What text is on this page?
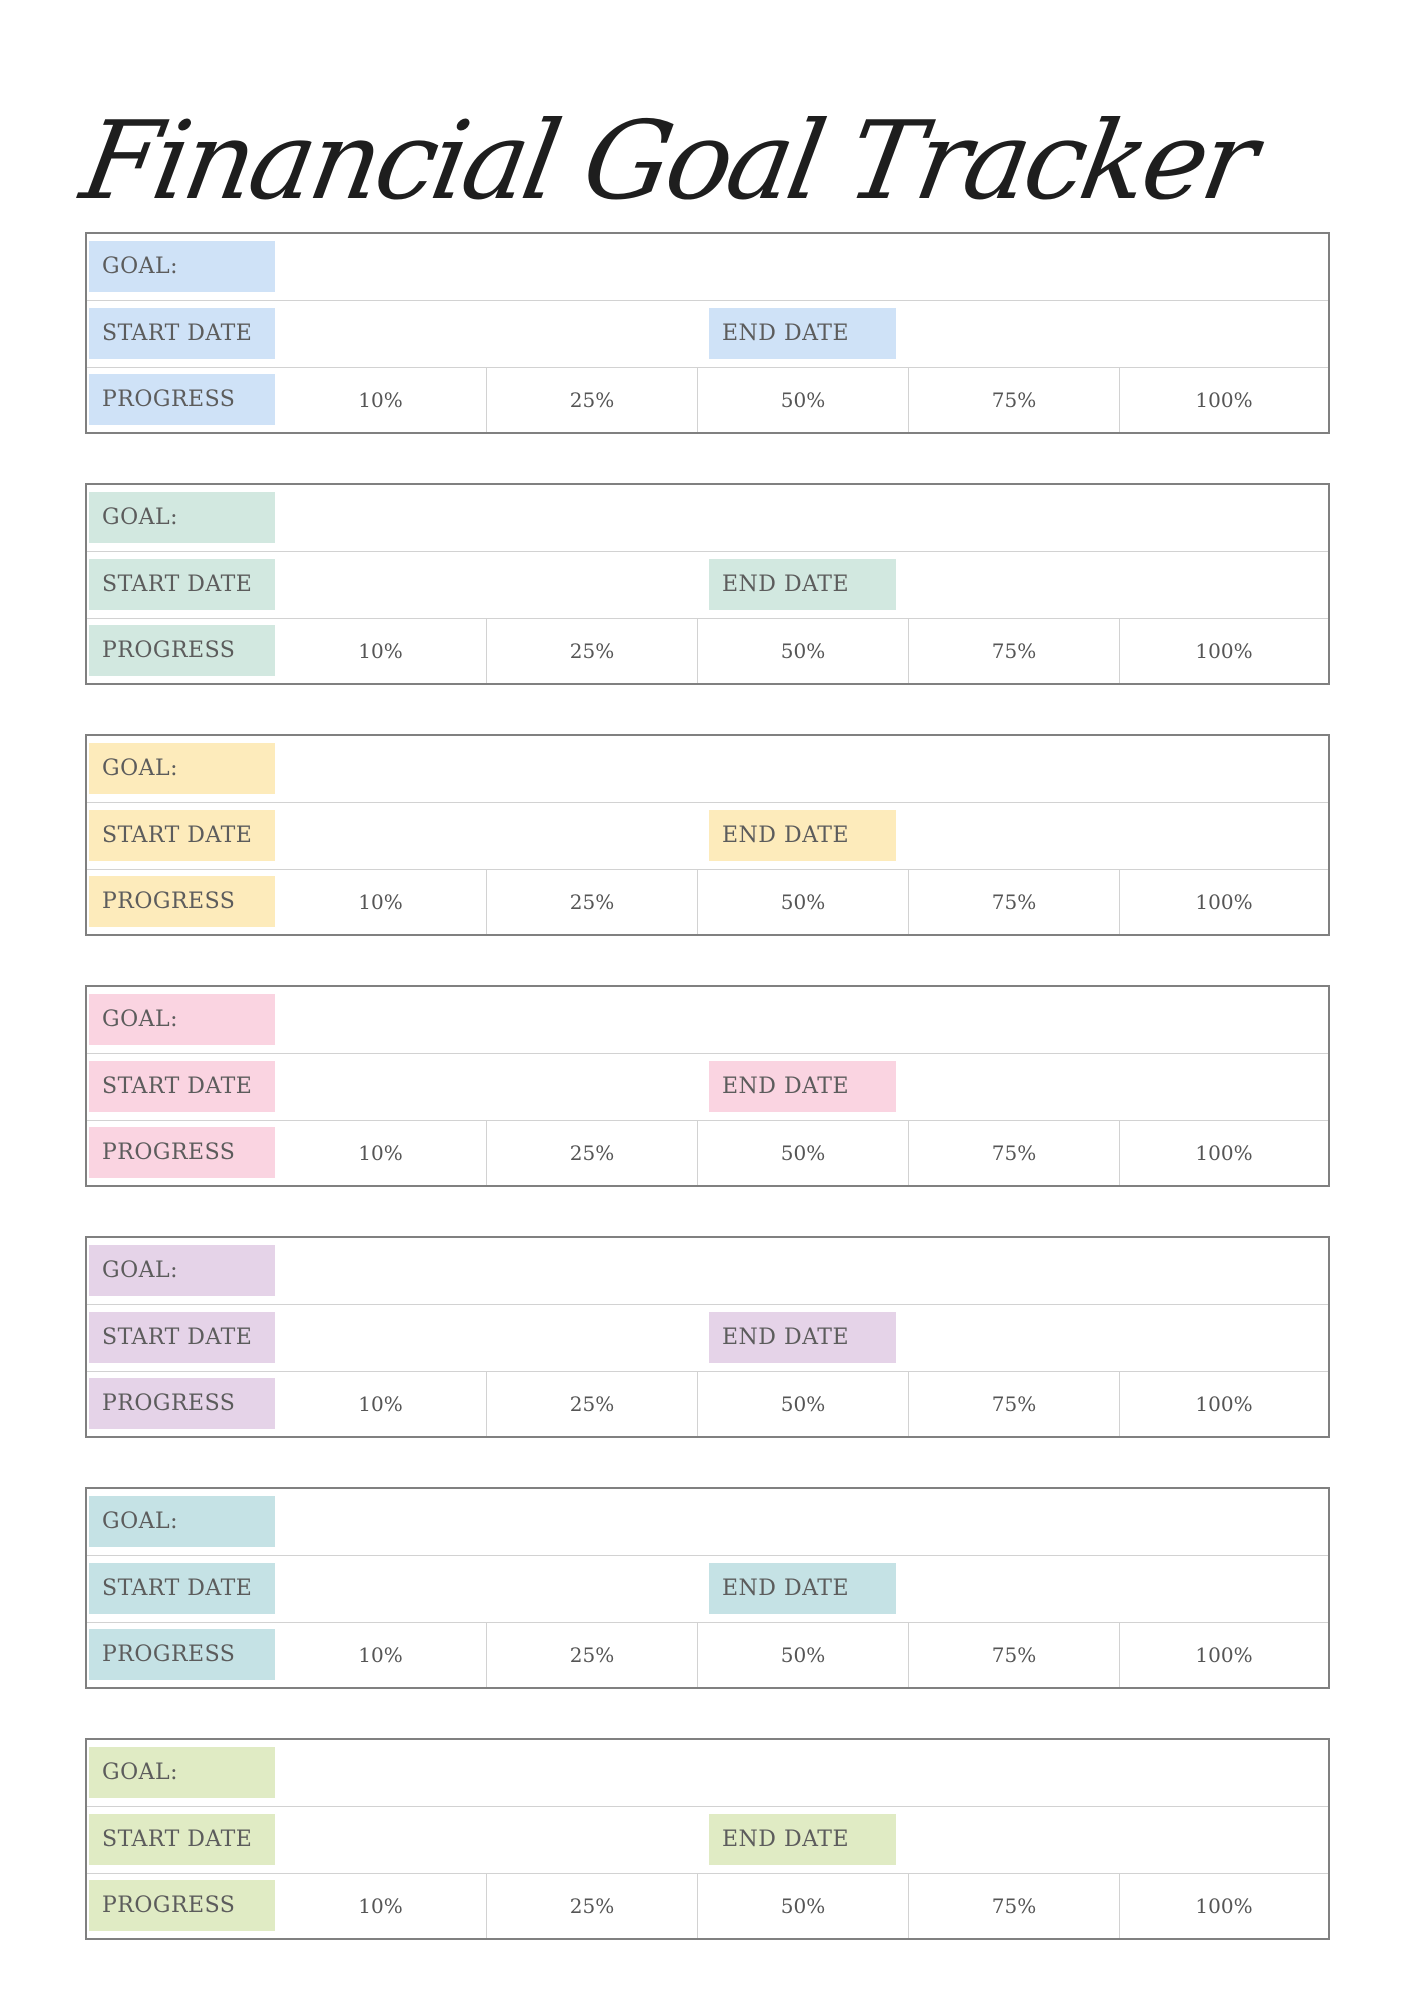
Financial Goal Tracker
GOAL:
START DATE	END DATE
PROGRESS	10%	25%	50%	75%	100%
GOAL:
START DATE	END DATE
PROGRESS	10%	25%	50%	75%	100%
GOAL:
START DATE	END DATE
PROGRESS	10%	25%	50%	75%	100%
GOAL:
START DATE	END DATE
PROGRESS	10%	25%	50%	75%	100%
GOAL:
START DATE	END DATE
PROGRESS	10%	25%	50%	75%	100%
GOAL:
START DATE	END DATE
PROGRESS	10%	25%	50%	75%	100%
GOAL:
START DATE	END DATE
PROGRESS	10%	25%	50%	75%	100%
